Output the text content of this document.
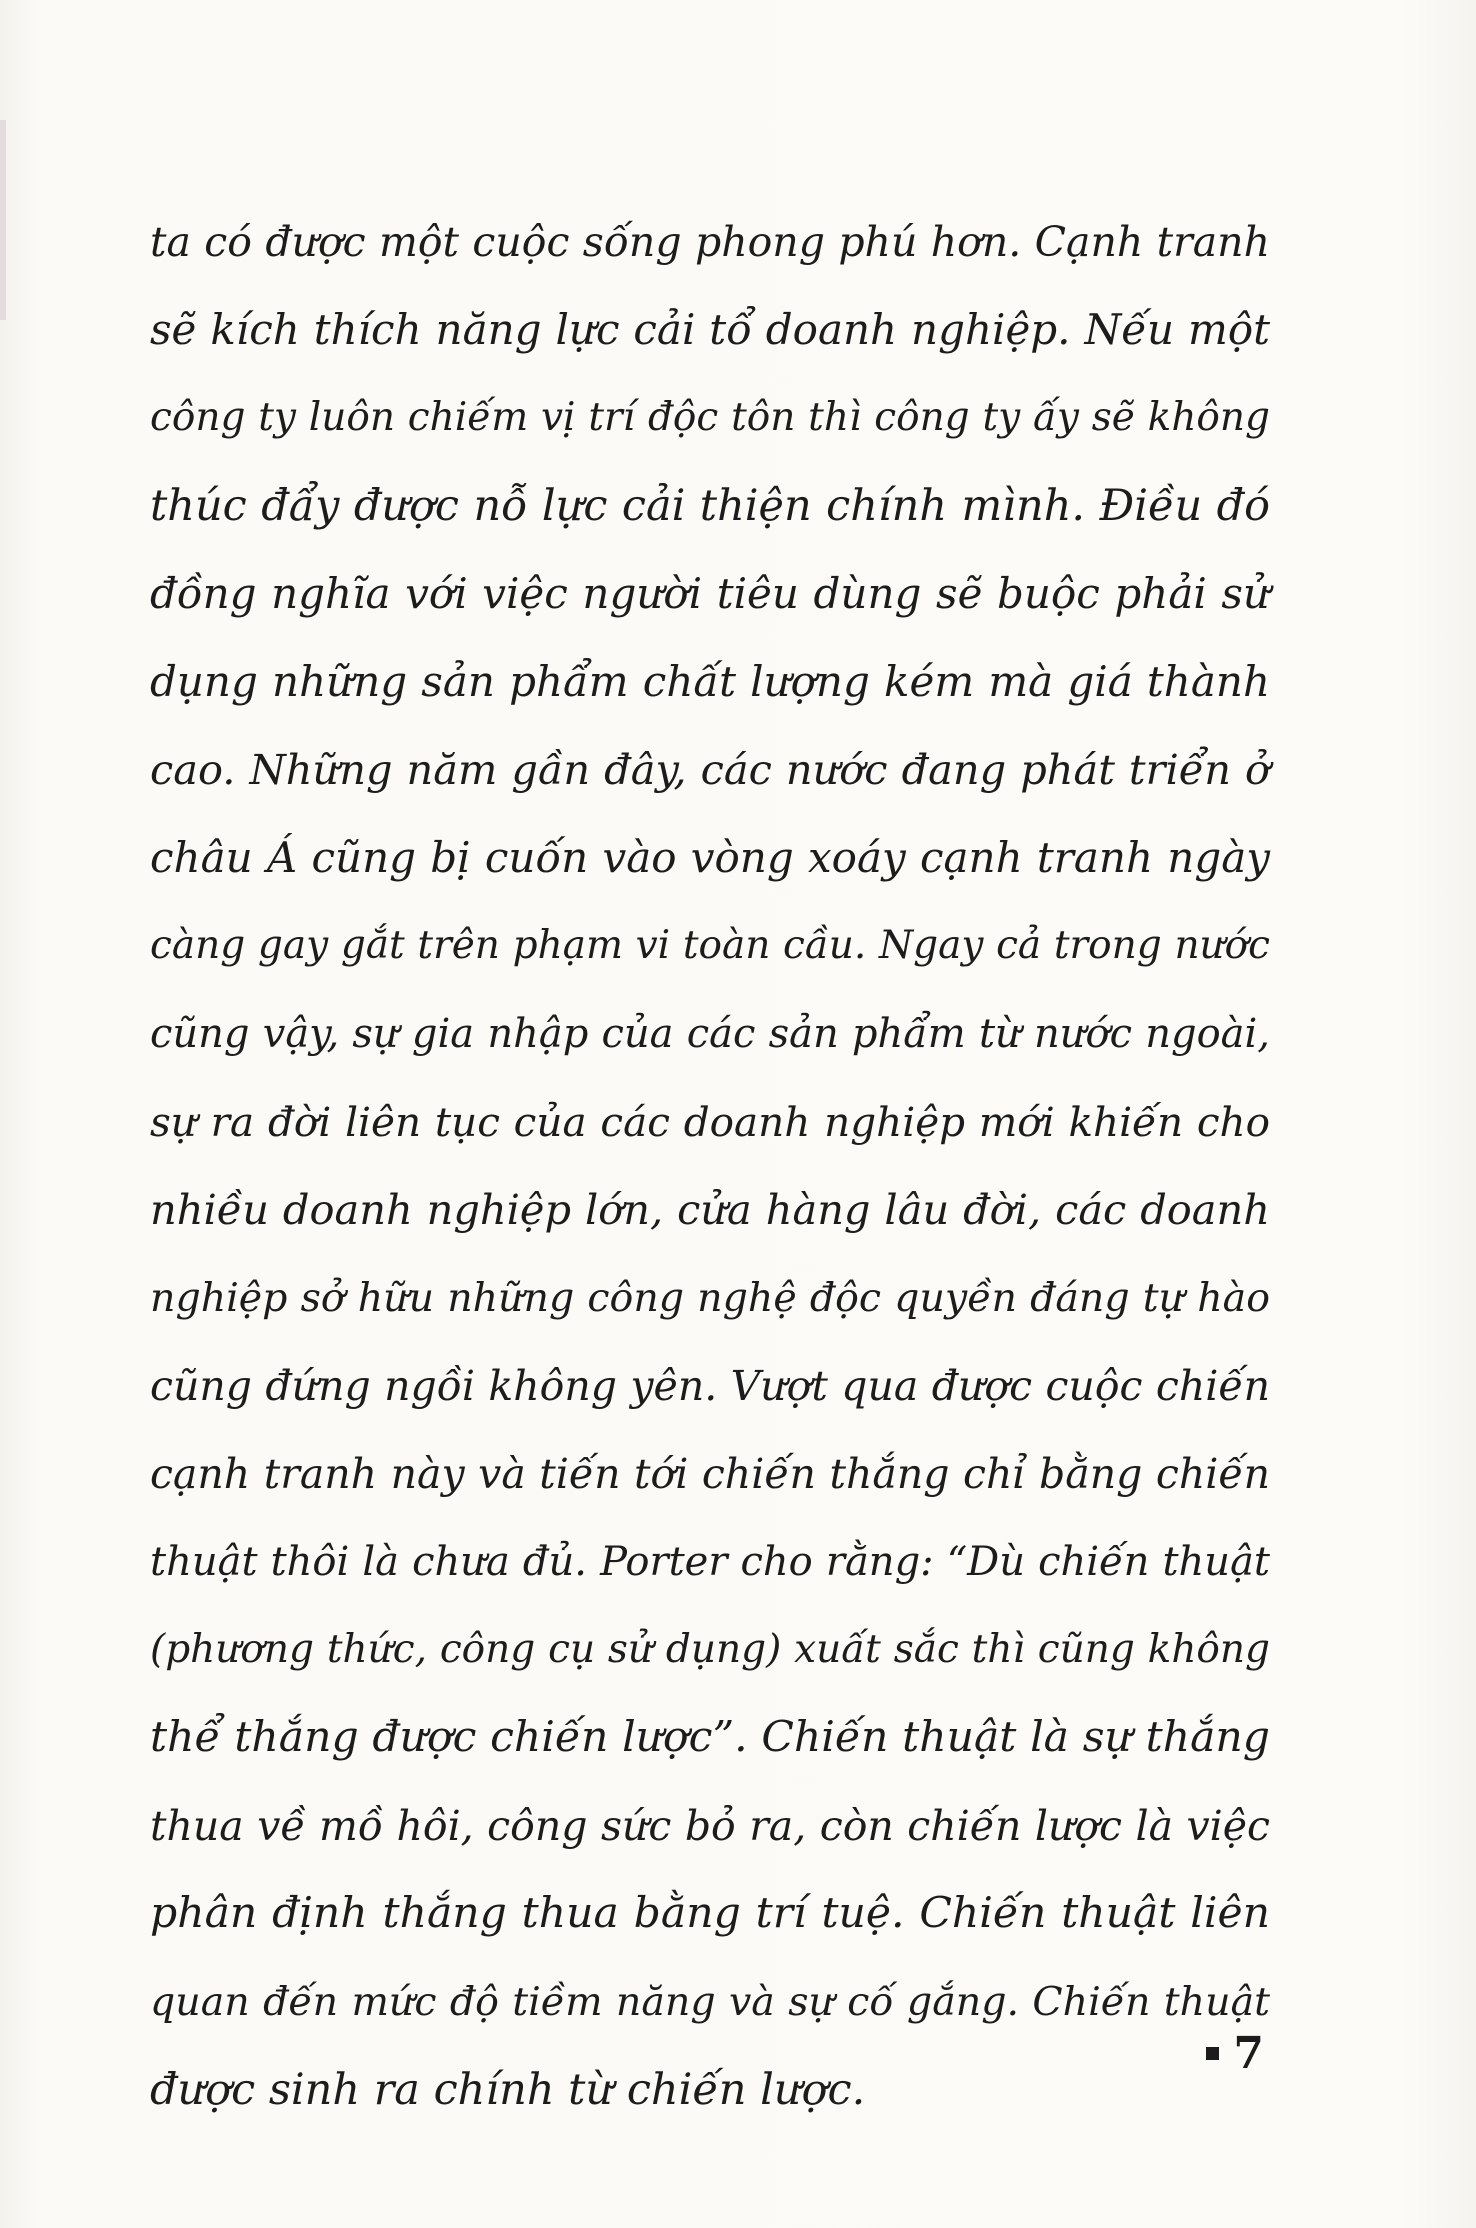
ta có được một cuộc sống phong phú hơn. Cạnh tranh
sẽ kích thích năng lực cải tổ doanh nghiệp. Nếu một
công ty luôn chiếm vị trí độc tôn thì công ty ấy sẽ không
thúc đẩy được nỗ lực cải thiện chính mình. Điều đó
đồng nghĩa với việc người tiêu dùng sẽ buộc phải sử
dụng những sản phẩm chất lượng kém mà giá thành
cao. Những năm gần đây, các nước đang phát triển ở
châu Á cũng bị cuốn vào vòng xoáy cạnh tranh ngày
càng gay gắt trên phạm vi toàn cầu. Ngay cả trong nước
cũng vậy, sự gia nhập của các sản phẩm từ nước ngoài,
sự ra đời liên tục của các doanh nghiệp mới khiến cho
nhiều doanh nghiệp lớn, cửa hàng lâu đời, các doanh
nghiệp sở hữu những công nghệ độc quyền đáng tự hào
cũng đứng ngồi không yên. Vượt qua được cuộc chiến
cạnh tranh này và tiến tới chiến thắng chỉ bằng chiến
thuật thôi là chưa đủ. Porter cho rằng: “Dù chiến thuật
(phương thức, công cụ sử dụng) xuất sắc thì cũng không
thể thắng được chiến lược”. Chiến thuật là sự thắng
thua về mồ hôi, công sức bỏ ra, còn chiến lược là việc
phân định thắng thua bằng trí tuệ. Chiến thuật liên
quan đến mức độ tiềm năng và sự cố gắng. Chiến thuật
được sinh ra chính từ chiến lược.
7
